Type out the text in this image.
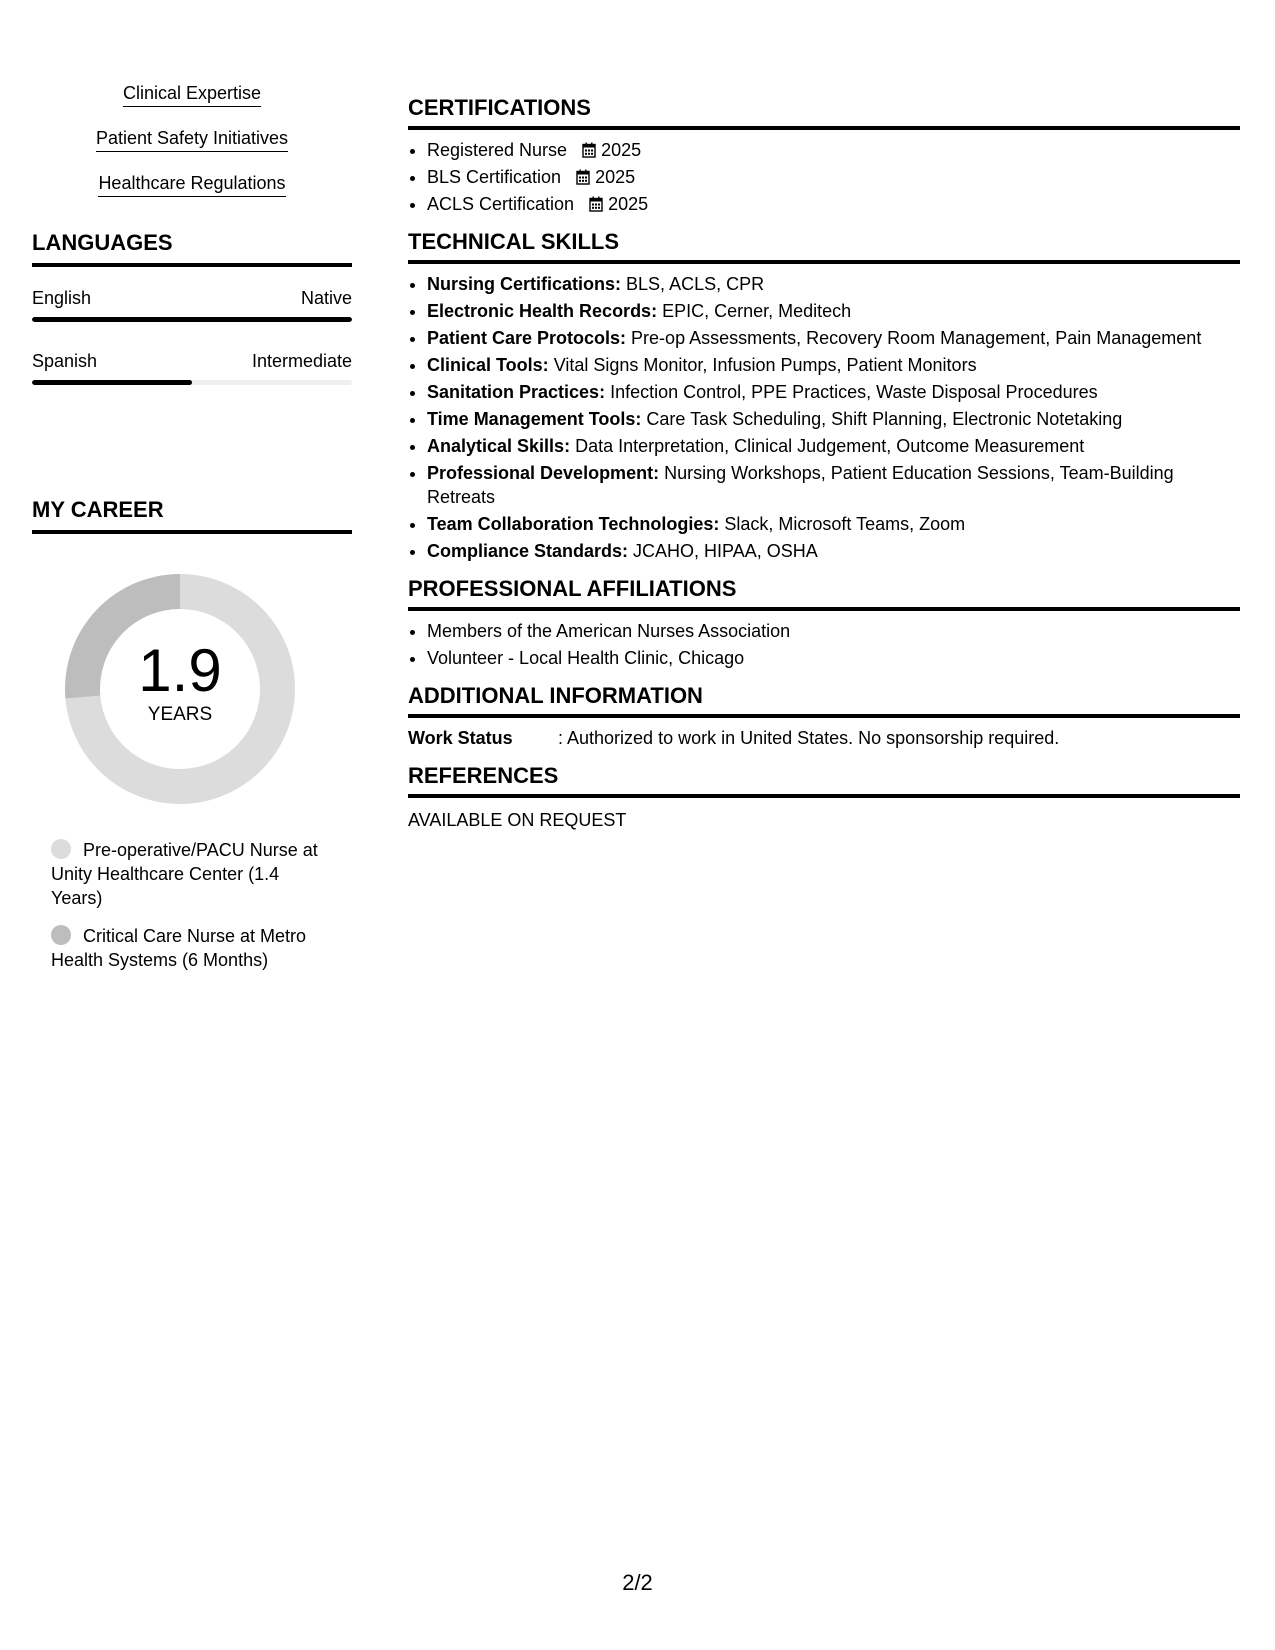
Clinical Expertise
Patient Safety Initiatives
Healthcare Regulations
LANGUAGES
English	Native
Spanish	Intermediate
MY CAREER
1.9
YEARS
Pre-operative/PACU Nurse at Unity Healthcare Center (1.4 Years)
Critical Care Nurse at Metro Health Systems (6 Months)
CERTIFICATIONS
• Registered Nurse 2025
• BLS Certification 2025
• ACLS Certification 2025
TECHNICAL SKILLS
• Nursing Certifications: BLS, ACLS, CPR
• Electronic Health Records: EPIC, Cerner, Meditech
• Patient Care Protocols: Pre-op Assessments, Recovery Room Management, Pain Management
• Clinical Tools: Vital Signs Monitor, Infusion Pumps, Patient Monitors
• Sanitation Practices: Infection Control, PPE Practices, Waste Disposal Procedures
• Time Management Tools: Care Task Scheduling, Shift Planning, Electronic Notetaking
• Analytical Skills: Data Interpretation, Clinical Judgement, Outcome Measurement
• Professional Development: Nursing Workshops, Patient Education Sessions, Team-Building Retreats
• Team Collaboration Technologies: Slack, Microsoft Teams, Zoom
• Compliance Standards: JCAHO, HIPAA, OSHA
PROFESSIONAL AFFILIATIONS
• Members of the American Nurses Association
• Volunteer - Local Health Clinic, Chicago
ADDITIONAL INFORMATION
Work Status	: Authorized to work in United States. No sponsorship required.
REFERENCES
AVAILABLE ON REQUEST
2/2
